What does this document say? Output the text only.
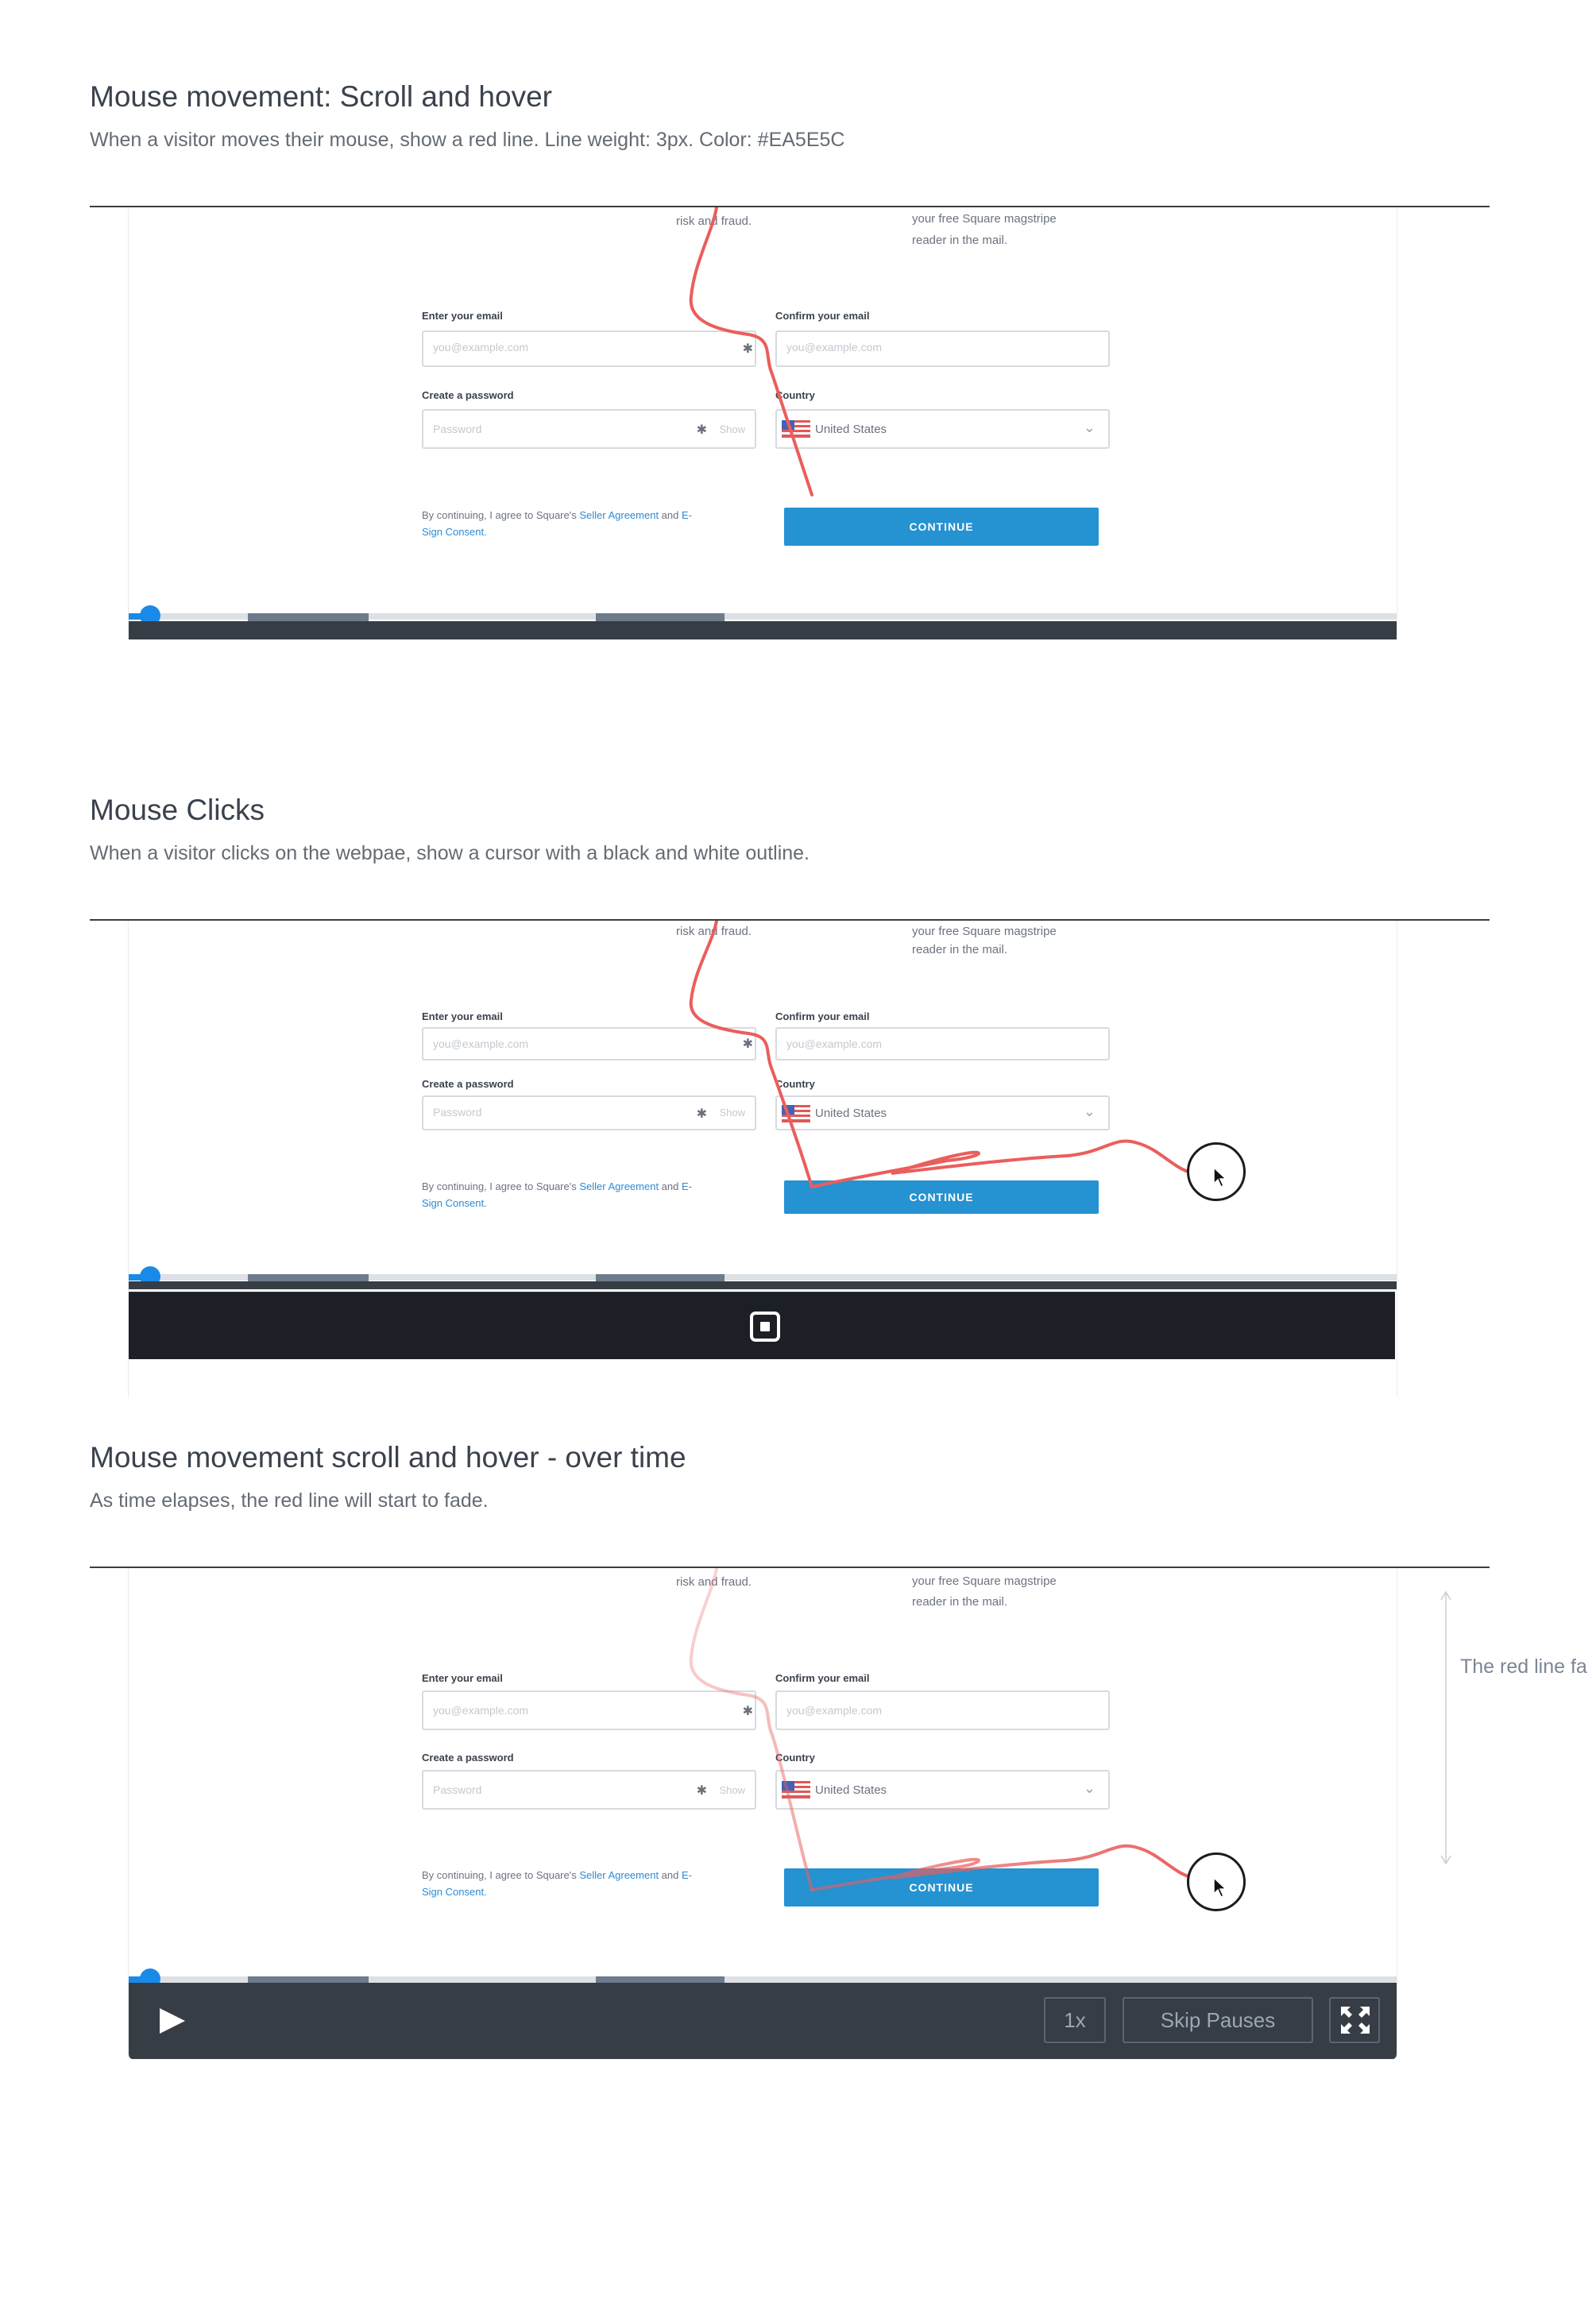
Mouse movement: Scroll and hover

When a visitor moves their mouse, show a red line. Line weight: 3px. Color: #EA5E5C

risk and fraud.	your free Square magstripe
reader in the mail.
Enter your email
you@example.com	✱
Confirm your email
you@example.com
Create a password
Password	✱ Show
Country
United States	⌄
By continuing, I agree to Square's Seller Agreement and E-
Sign Consent.	CONTINUE
Mouse Clicks

When a visitor clicks on the webpae, show a cursor with a black and white outline.

risk and fraud.	your free Square magstripe
reader in the mail.
Enter your email
you@example.com	✱
Confirm your email
you@example.com
Create a password
Password	✱ Show
Country
United States	⌄
By continuing, I agree to Square's Seller Agreement and E-
Sign Consent.	CONTINUE
Mouse movement scroll and hover - over time

As time elapses, the red line will start to fade.

risk and fraud.	your free Square magstripe
reader in the mail.
Enter your email
you@example.com	✱
Confirm your email
you@example.com
Create a password
Password	✱ Show
Country
United States	⌄
By continuing, I agree to Square's Seller Agreement and E-
Sign Consent.	CONTINUE
1x	Skip Pauses
The red line fa
